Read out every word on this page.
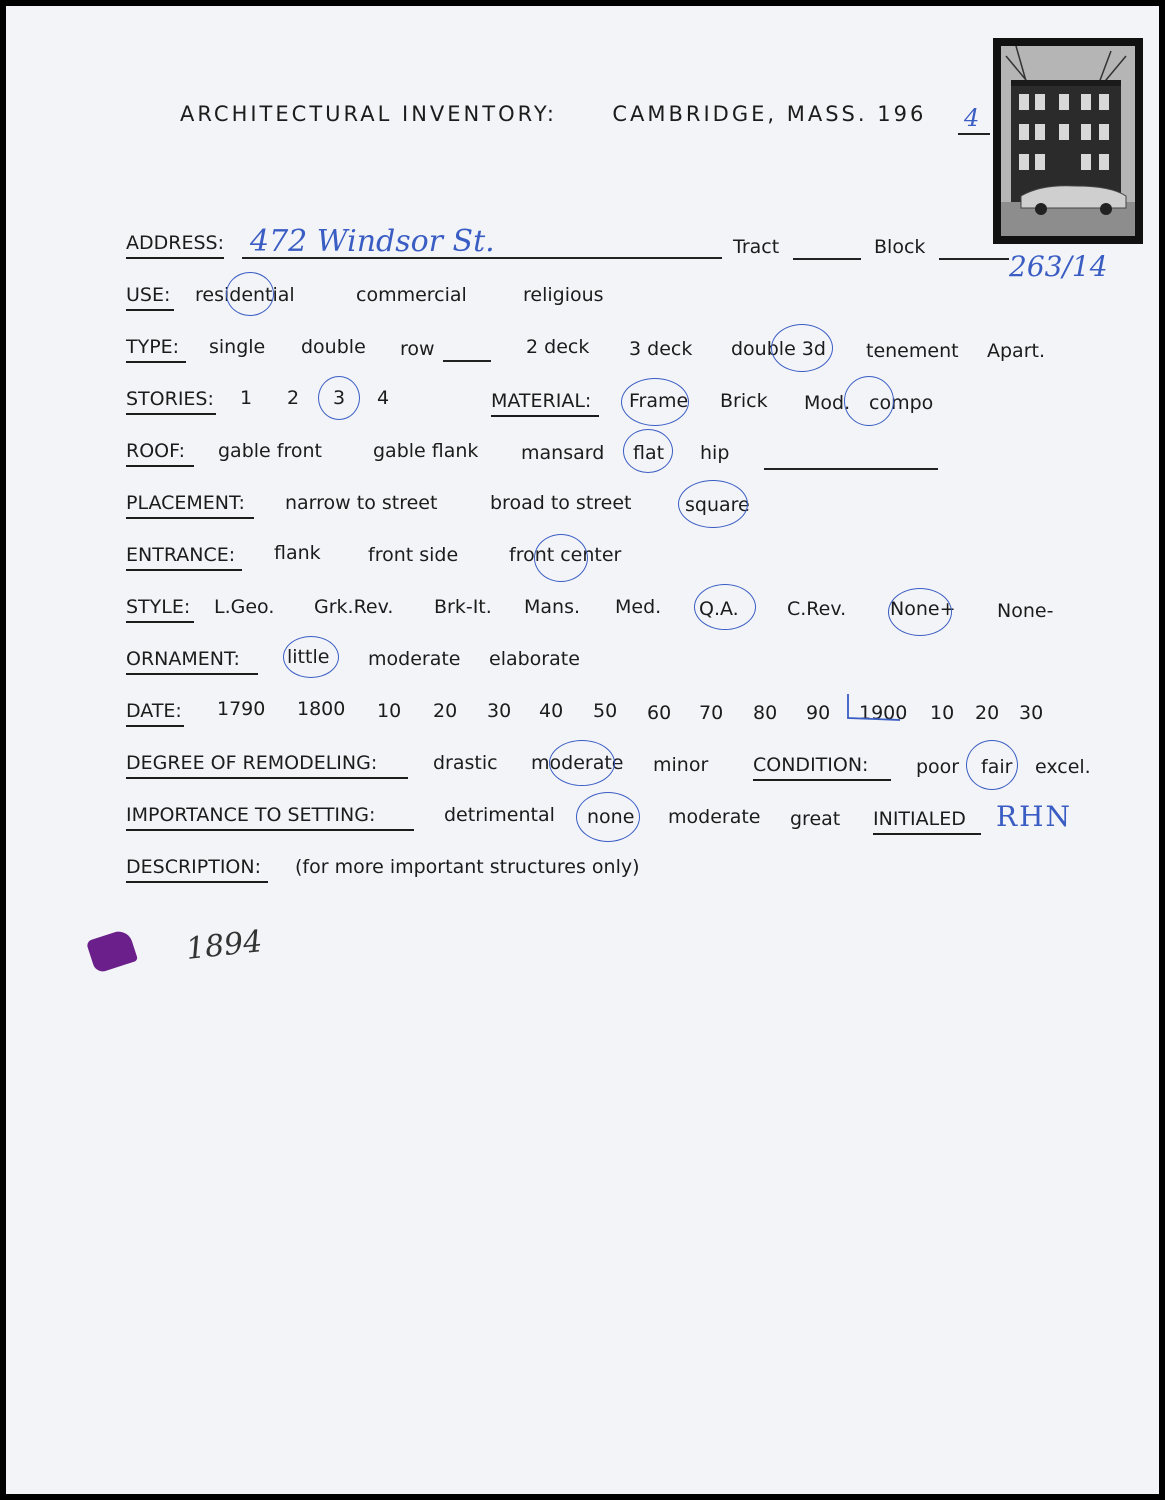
ARCHITECTURAL INVENTORY:	CAMBRIDGE, MASS. 196 4
ADDRESS: 472 Windsor St.	Tract	Block
263/14
USE: residential	commercial	religious
TYPE: single double row	2 deck 3 deck double 3d tenement Apart.
STORIES: 1 2 3 4	MATERIAL: Frame Brick Mod. compo
ROOF: gable front	gable flank mansard flat hip
PLACEMENT: narrow to street	broad to street	square
ENTRANCE: flank front side	front center
STYLE: L.Geo. Grk.Rev. Brk-It. Mans. Med. Q.A.	C.Rev. None+ None-
ORNAMENT: little moderate elaborate
DATE: 1790 1800 10 20 30 40 50 60 70 80 90 1900 10 20 30
DEGREE OF REMODELING:	drastic moderate minor CONDITION:	poor fair excel.
IMPORTANCE TO SETTING:	detrimental none moderate great INITIALED RHN
DESCRIPTION: (for more important structures only)
1894
